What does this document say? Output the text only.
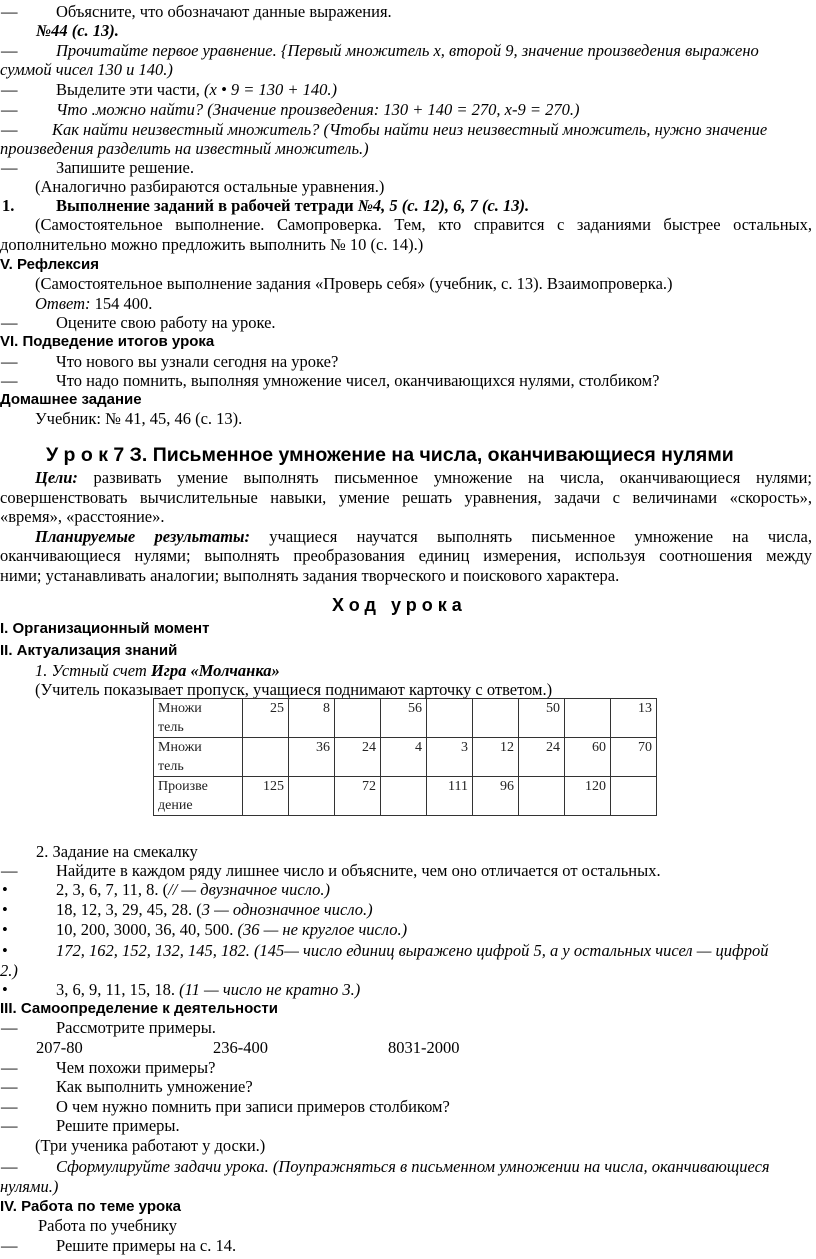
— Объясните, что обозначают данные выражения.
№44 (с. 13).
— Прочитайте первое уравнение. {Первый множитель х, второй 9, значение произведения выражено
суммой чисел 130 и 140.)
— Выделите эти части, (х • 9 = 130 + 140.)
— Что .можно найти? (Значение произведения: 130 + 140 = 270, х-9 = 270.)
— Как найти неизвестный множитель? (Чтобы найти неиз неизвестный множитель, нужно значение
произведения разделить на известный множитель.)
— Запишите решение.
(Аналогично разбираются остальные уравнения.)
1.	Выполнение заданий в рабочей тетради №4, 5 (с. 12), 6, 7 (с. 13).
(Самостоятельное выполнение. Самопроверка. Тем, кто справится с заданиями быстрее остальных,
дополнительно можно предложить выполнить № 10 (с. 14).)
V. Рефлексия
(Самостоятельное выполнение задания «Проверь себя» (учебник, с. 13). Взаимопроверка.)
Ответ: 154 400.
— Оцените свою работу на уроке.
VI. Подведение итогов урока
— Что нового вы узнали сегодня на уроке?
— Что надо помнить, выполняя умножение чисел, оканчивающихся нулями, столбиком?
Домашнее задание
Учебник: № 41, 45, 46 (с. 13).
У р о к 7 З. Письменное умножение на числа, оканчивающиеся нулями
Цели: развивать умение выполнять письменное умножение на числа, оканчивающиеся нулями;
совершенствовать вычислительные навыки, умение решать уравнения, задачи с величинами «скорость»,
«время», «расстояние».
Планируемые результаты: учащиеся научатся выполнять письменное умножение на числа,
оканчивающиеся нулями; выполнять преобразования единиц измерения, используя соотношения между
ними; устанавливать аналогии; выполнять задания творческого и поискового характера.
Ход урока
I. Организационный момент
II. Актуализация знаний
1. Устный счет Игра «Молчанка»
(Учитель показывает пропуск, учащиеся поднимают карточку с ответом.)
Множи
тель	25	8		56			50		13
Множи
тель		36	24	4	3	12	24	60	70
Произве
дение	125		72		111	96		120	
2. Задание на смекалку
— Найдите в каждом ряду лишнее число и объясните, чем оно отличается от остальных.
•	2, 3, 6, 7, 11, 8. (// — двузначное число.)
•	18, 12, 3, 29, 45, 28. (3 — однозначное число.)
•	10, 200, 3000, 36, 40, 500. (36 — не круглое число.)
•	172, 162, 152, 132, 145, 182. (145— число единиц выражено цифрой 5, а у остальных чисел — цифрой
•	3, 6, 9, 11, 15, 18. (11 — число не кратно 3.)
2.)
III. Самоопределение к деятельности
— Рассмотрите примеры.
207-80	236-400	8031-2000
— Чем похожи примеры?
— Как выполнить умножение?
— О чем нужно помнить при записи примеров столбиком?
— Решите примеры.
(Три ученика работают у доски.)
— Сформулируйте задачи урока. (Поупражняться в письменном умножении на числа, оканчивающиеся
нулями.)
IV. Работа по теме урока
Работа по учебнику
— Решите примеры на с. 14.
